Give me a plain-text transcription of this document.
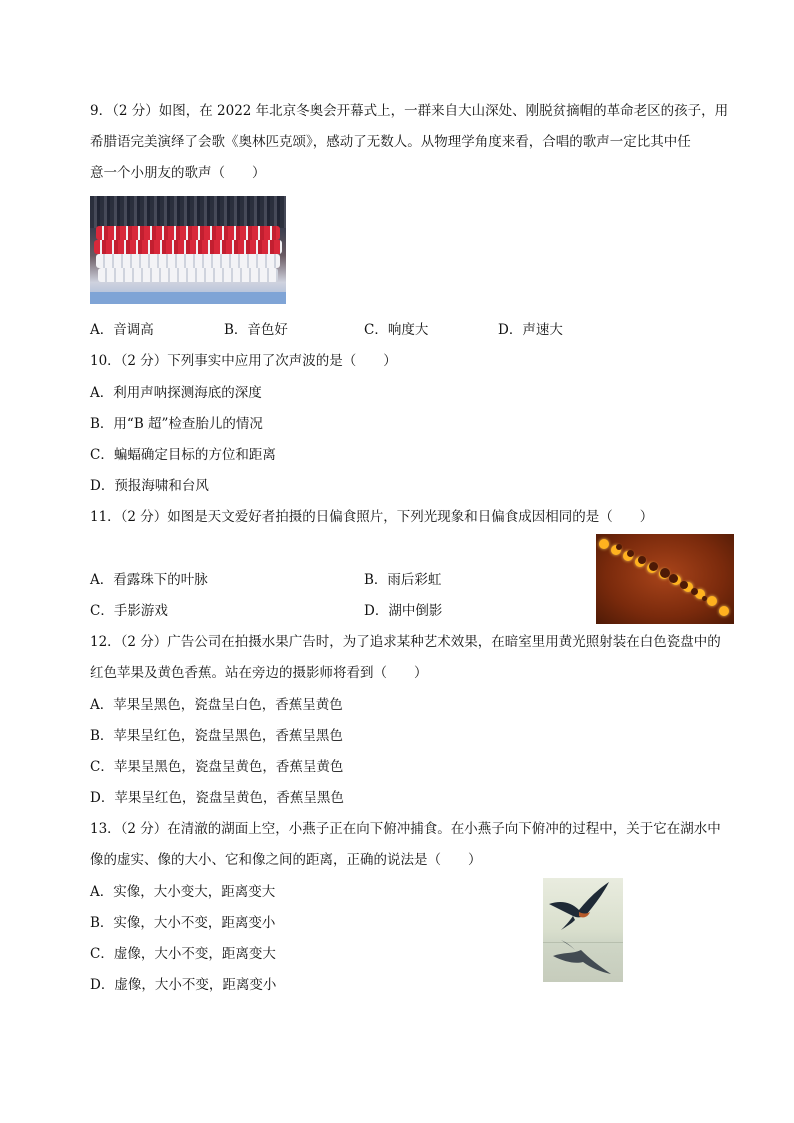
9．（2 分）如图，在 2022 年北京冬奥会开幕式上，一群来自大山深处、刚脱贫摘帽的革命老区的孩子，用
希腊语完美演绎了会歌《奥林匹克颂》，感动了无数人。从物理学角度来看，合唱的歌声一定比其中任
意一个小朋友的歌声（　　）
A．音调高	B．音色好	C．响度大	D．声速大
10．（2 分）下列事实中应用了次声波的是（　　）
A．利用声呐探测海底的深度
B．用“B 超”检查胎儿的情况
C．蝙蝠确定目标的方位和距离
D．预报海啸和台风
11．（2 分）如图是天文爱好者拍摄的日偏食照片，下列光现象和日偏食成因相同的是（　　）
A．看露珠下的叶脉	B．雨后彩虹
C．手影游戏	D．湖中倒影
12．（2 分）广告公司在拍摄水果广告时，为了追求某种艺术效果，在暗室里用黄光照射装在白色瓷盘中的
红色苹果及黄色香蕉。站在旁边的摄影师将看到（　　）
A．苹果呈黑色，瓷盘呈白色，香蕉呈黄色
B．苹果呈红色，瓷盘呈黑色，香蕉呈黑色
C．苹果呈黑色，瓷盘呈黄色，香蕉呈黄色
D．苹果呈红色，瓷盘呈黄色，香蕉呈黑色
13．（2 分）在清澈的湖面上空，小燕子正在向下俯冲捕食。在小燕子向下俯冲的过程中，关于它在湖水中
像的虚实、像的大小、它和像之间的距离，正确的说法是（　　）
A．实像，大小变大，距离变大
B．实像，大小不变，距离变小
C．虚像，大小不变，距离变大
D．虚像，大小不变，距离变小
